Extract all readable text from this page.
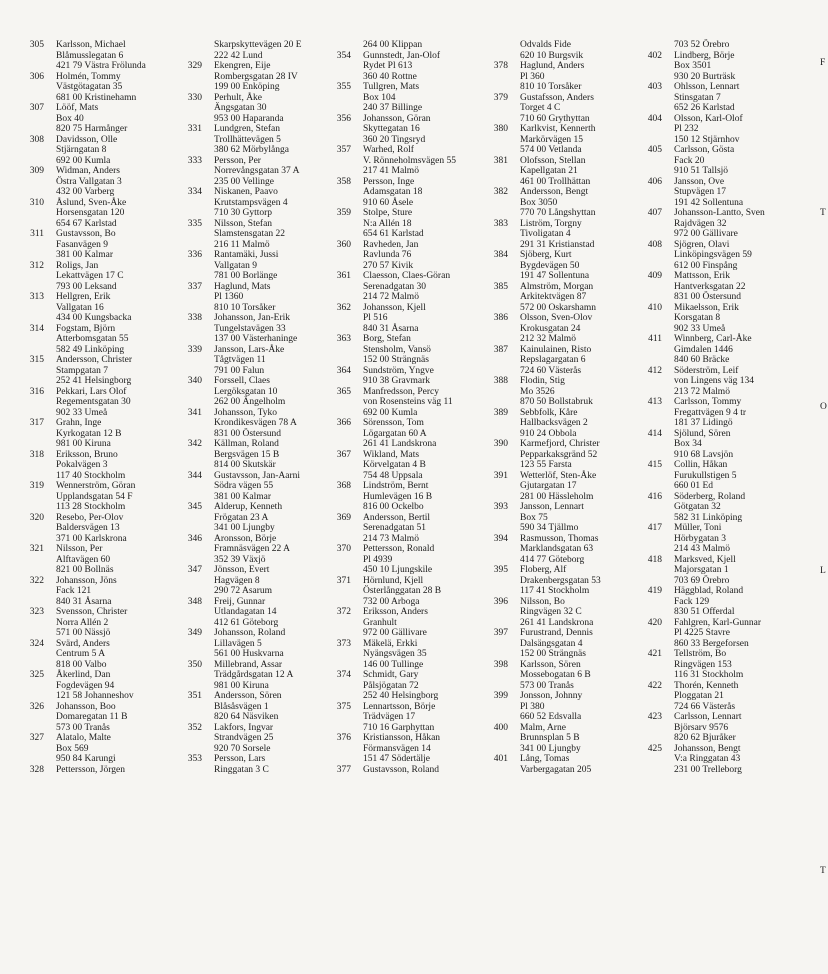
305	Karlsson, Michael
Blåmusslegatan 6
421 79 Västra Frölunda
306	Holmén, Tommy
Västgötagatan 35
681 00 Kristinehamn
307	Lööf, Mats
Box 40
820 75 Harmånger
308	Davidsson, Olle
Stjärngatan 8
692 00 Kumla
309	Widman, Anders
Östra Vallgatan 3
432 00 Varberg
310	Åslund, Sven-Åke
Horsensgatan 120
654 67 Karlstad
311	Gustavsson, Bo
Fasanvägen 9
381 00 Kalmar
312	Roligs, Jan
Lekattvägen 17 C
793 00 Leksand
313	Hellgren, Erik
Vallgatan 16
434 00 Kungsbacka
314	Fogstam, Björn
Atterbomsgatan 55
582 49 Linköping
315	Andersson, Christer
Stampgatan 7
252 41 Helsingborg
316	Pekkari, Lars Olof
Regementsgatan 30
902 33 Umeå
317	Grahn, Inge
Kyrkogatan 12 B
981 00 Kiruna
318	Eriksson, Bruno
Pokalvägen 3
117 40 Stockholm
319	Wennerström, Göran
Upplandsgatan 54 F
113 28 Stockholm
320	Resebo, Per-Olov
Baldersvägen 13
371 00 Karlskrona
321	Nilsson, Per
Alftavägen 60
821 00 Bollnäs
322	Johansson, Jöns
Fack 121
840 31 Åsarna
323	Svensson, Christer
Norra Allén 2
571 00 Nässjö
324	Svärd, Anders
Centrum 5 A
818 00 Valbo
325	Åkerlind, Dan
Fogdevägen 94
121 58 Johanneshov
326	Johansson, Boo
Domaregatan 11 B
573 00 Tranås
327	Alatalo, Malte
Box 569
950 84 Karungi
328	Pettersson, Jörgen
Skarpskyttevägen 20 E
222 42 Lund
329	Ekengren, Eije
Rombergsgatan 28 IV
199 00 Enköping
330	Perhult, Åke
Ängsgatan 30
953 00 Haparanda
331	Lundgren, Stefan
Trollhättevägen 5
380 62 Mörbylånga
333	Persson, Per
Norrevångsgatan 37 A
235 00 Vellinge
334	Niskanen, Paavo
Krutstampsvägen 4
710 30 Gyttorp
335	Nilsson, Stefan
Slamstensgatan 22
216 11 Malmö
336	Rantamäki, Jussi
Vallgatan 9
781 00 Borlänge
337	Haglund, Mats
Pl 1360
810 10 Torsåker
338	Johansson, Jan-Erik
Tungelstavägen 33
137 00 Västerhaninge
339	Jansson, Lars-Åke
Tågtvägen 11
791 00 Falun
340	Forssell, Claes
Lergöksgatan 10
262 00 Ängelholm
341	Johansson, Tyko
Krondikesvägen 78 A
831 00 Östersund
342	Källman, Roland
Bergsvägen 15 B
814 00 Skutskär
344	Gustavsson, Jan-Aarni
Södra vägen 55
381 00 Kalmar
345	Alderup, Kenneth
Frögatan 23 A
341 00 Ljungby
346	Aronsson, Börje
Framnäsvägen 22 A
352 39 Växjö
347	Jönsson, Evert
Hagvägen 8
290 72 Asarum
348	Freij, Gunnar
Utlandagatan 14
412 61 Göteborg
349	Johansson, Roland
Lillavägen 5
561 00 Huskvarna
350	Millebrand, Assar
Trädgårdsgatan 12 A
981 00 Kiruna
351	Andersson, Sören
Blåsåsvägen 1
820 64 Näsviken
352	Lakfors, Ingvar
Strandvägen 25
920 70 Sorsele
353	Persson, Lars
Ringgatan 3 C
264 00 Klippan
354	Gunnstedt, Jan-Olof
Rydet Pl 613
360 40 Rottne
355	Tullgren, Mats
Box 104
240 37 Billinge
356	Johansson, Göran
Skyttegatan 16
360 20 Tingsryd
357	Warhed, Rolf
V. Rönneholmsvägen 55
217 41 Malmö
358	Persson, Inge
Adamsgatan 18
910 60 Åsele
359	Stolpe, Sture
N:a Allén 18
654 61 Karlstad
360	Ravheden, Jan
Ravlunda 76
270 57 Kivik
361	Claesson, Claes-Göran
Serenadgatan 30
214 72 Malmö
362	Johansson, Kjell
Pl 516
840 31 Åsarna
363	Borg, Stefan
Stensholm, Vansö
152 00 Strängnäs
364	Sundström, Yngve
910 38 Gravmark
365	Manfredsson, Percy
von Rosensteins väg 11
692 00 Kumla
366	Sörensson, Tom
Lögargatan 60 A
261 41 Landskrona
367	Wikland, Mats
Körvelgatan 4 B
754 48 Uppsala
368	Lindström, Bernt
Humlevägen 16 B
816 00 Ockelbo
369	Andersson, Bertil
Serenadgatan 51
214 73 Malmö
370	Pettersson, Ronald
Pl 4939
450 10 Ljungskile
371	Hörnlund, Kjell
Österlånggatan 28 B
732 00 Arboga
372	Eriksson, Anders
Granhult
972 00 Gällivare
373	Mäkelä, Erkki
Nyängsvägen 35
146 00 Tullinge
374	Schmidt, Gary
Pålsjögatan 72
252 40 Helsingborg
375	Lennartsson, Börje
Trädvägen 17
710 16 Garphyttan
376	Kristiansson, Håkan
Förmansvägen 14
151 47 Södertälje
377	Gustavsson, Roland
Odvalds Fide
620 10 Burgsvik
378	Haglund, Anders
Pl 360
810 10 Torsåker
379	Gustafsson, Anders
Torget 4 C
710 60 Grythyttan
380	Karlkvist, Kennerth
Markörvägen 15
574 00 Vetlanda
381	Olofsson, Stellan
Kapellgatan 21
461 00 Trollhättan
382	Andersson, Bengt
Box 3050
770 70 Långshyttan
383	Liström, Torgny
Tivoligatan 4
291 31 Kristianstad
384	Sjöberg, Kurt
Bygdevägen 50
191 47 Sollentuna
385	Almström, Morgan
Arkitektvägen 87
572 00 Oskarshamn
386	Olsson, Sven-Olov
Krokusgatan 24
212 32 Malmö
387	Kainulainen, Risto
Repslagargatan 6
724 60 Västerås
388	Flodin, Stig
Mo 3526
870 50 Bollstabruk
389	Sebbfolk, Kåre
Hallbacksvägen 2
910 24 Obbola
390	Karmefjord, Christer
Pepparkaksgränd 52
123 55 Farsta
391	Wetterlöf, Sten-Åke
Gjutargatan 17
281 00 Hässleholm
393	Jansson, Lennart
Box 75
590 34 Tjällmo
394	Rasmusson, Thomas
Marklandsgatan 63
414 77 Göteborg
395	Floberg, Alf
Drakenbergsgatan 53
117 41 Stockholm
396	Nilsson, Bo
Ringvägen 32 C
261 41 Landskrona
397	Furustrand, Dennis
Dalsängsgatan 4
152 00 Strängnäs
398	Karlsson, Sören
Mossebogatan 6 B
573 00 Tranås
399	Jonsson, Johnny
Pl 380
660 52 Edsvalla
400	Malm, Arne
Brunnsplan 5 B
341 00 Ljungby
401	Lång, Tomas
Varbergagatan 205
703 52 Örebro
402	Lindberg, Börje
Box 3501
930 20 Burträsk
403	Ohlsson, Lennart
Stinsgatan 7
652 26 Karlstad
404	Olsson, Karl-Olof
Pl 232
150 12 Stjärnhov
405	Carlsson, Gösta
Fack 20
910 51 Tallsjö
406	Jansson, Ove
Stupvägen 17
191 42 Sollentuna
407	Johansson-Lantto, Sven
Rajdvägen 32
972 00 Gällivare
408	Sjögren, Olavi
Linköpingsvägen 59
612 00 Finspång
409	Mattsson, Erik
Hantverksgatan 22
831 00 Östersund
410	Mikaelsson, Erik
Korsgatan 8
902 33 Umeå
411	Winnberg, Carl-Åke
Gimdalen 1446
840 60 Bräcke
412	Söderström, Leif
von Lingens väg 134
213 72 Malmö
413	Carlsson, Tommy
Fregattvägen 9 4 tr
181 37 Lidingö
414	Sjölund, Sören
Box 34
910 68 Lavsjön
415	Collin, Håkan
Furukullstigen 5
660 01 Ed
416	Söderberg, Roland
Götgatan 32
582 31 Linköping
417	Müller, Toni
Hörbygatan 3
214 43 Malmö
418	Marksved, Kjell
Majorsgatan 1
703 69 Örebro
419	Häggblad, Roland
Fack 129
830 51 Offerdal
420	Fahlgren, Karl-Gunnar
Pl 4225 Stavre
860 33 Bergeforsen
421	Tellström, Bo
Ringvägen 153
116 31 Stockholm
422	Thorén, Kenneth
Ploggatan 21
724 66 Västerås
423	Carlsson, Lennart
Björsarv 9576
820 62 Bjuråker
425	Johansson, Bengt
V:a Ringgatan 43
231 00 Trelleborg
F
T
O
L
T
